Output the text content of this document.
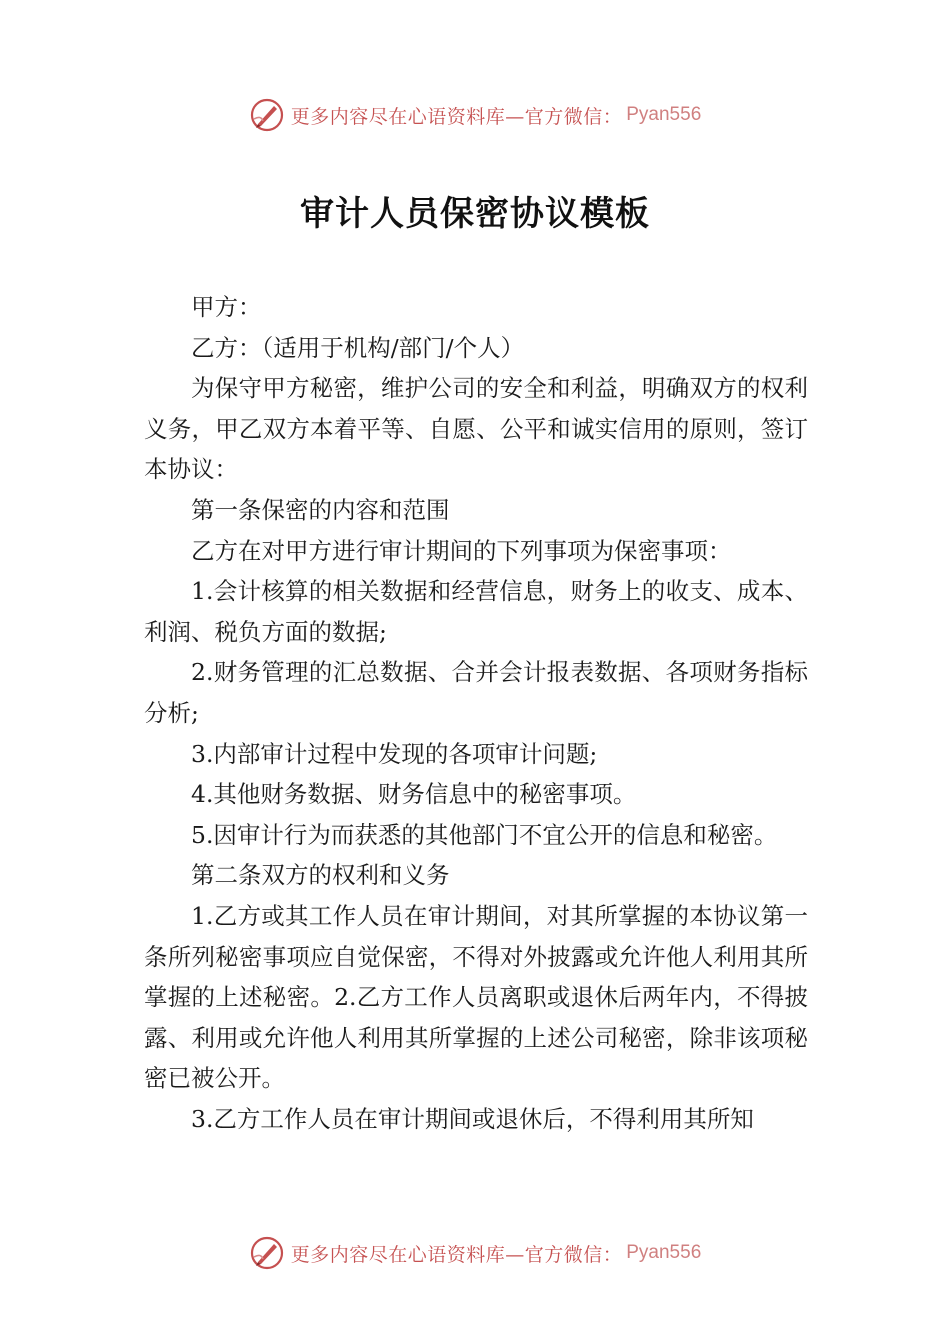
更多内容尽在心语资料库—官方微信： Pyan556
审计人员保密协议模板

甲方：

乙方：（适用于机构/部门/个人）

为保守甲方秘密，维护公司的安全和利益，明确双方的权利义务，甲乙双方本着平等、自愿、公平和诚实信用的原则，签订本协议：

第一条保密的内容和范围

乙方在对甲方进行审计期间的下列事项为保密事项：

1.会计核算的相关数据和经营信息，财务上的收支、成本、利润、税负方面的数据;

2.财务管理的汇总数据、合并会计报表数据、各项财务指标分析;

3.内部审计过程中发现的各项审计问题;

4.其他财务数据、财务信息中的秘密事项。

5.因审计行为而获悉的其他部门不宜公开的信息和秘密。

第二条双方的权利和义务

1.乙方或其工作人员在审计期间，对其所掌握的本协议第一条所列秘密事项应自觉保密，不得对外披露或允许他人利用其所掌握的上述秘密。2.乙方工作人员离职或退休后两年内，不得披露、利用或允许他人利用其所掌握的上述公司秘密，除非该项秘密已被公开。

3.乙方工作人员在审计期间或退休后，不得利用其所知

更多内容尽在心语资料库—官方微信： Pyan556
